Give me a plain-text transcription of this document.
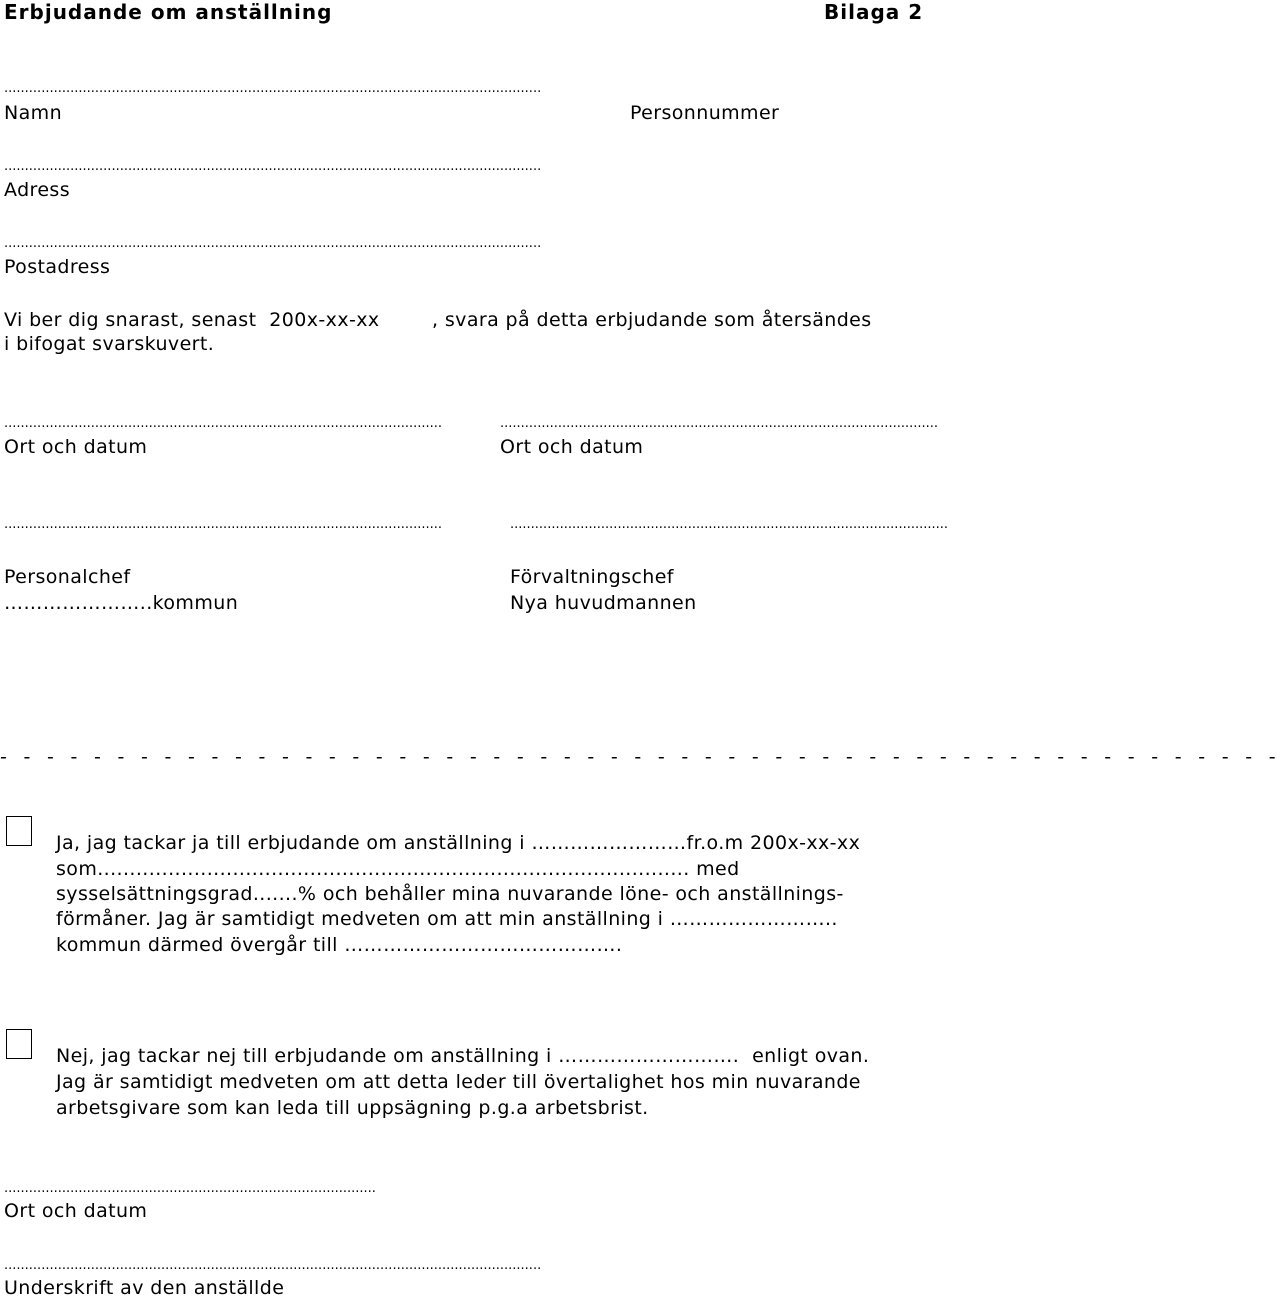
Erbjudande om anställning	Bilaga 2
..................................................................................................................................
Namn	Personnummer
..................................................................................................................................
Adress
..................................................................................................................................
Postadress
Vi ber dig snarast, senast  200x-xx-xx	, svara på detta erbjudande som återsändes
i bifogat svarskuvert.
..........................................................................................................	..........................................................................................................
Ort och datum	Ort och datum
..........................................................................................................	..........................................................................................................
Personalchef	Förvaltningschef
…………………..kommun	Nya huvudmannen
- - - - - - - - - - - - - - - - - - - - - - - - - - - - - - - - - - - - - - - - - - - - - - - - - - - - - - -
Ja, jag tackar ja till erbjudande om anställning i ……………………fr.o.m 200x-xx-xx
som............................................................................................ med
sysselsättningsgrad.......% och behåller mina nuvarande löne- och anställnings-
förmåner. Jag är samtidigt medveten om att min anställning i ……………………..
kommun därmed övergår till …………………………………….
Nej, jag tackar nej till erbjudande om anställning i ……………………….  enligt ovan.
Jag är samtidigt medveten om att detta leder till övertalighet hos min nuvarande
arbetsgivare som kan leda till uppsägning p.g.a arbetsbrist.
..........................................................................................
Ort och datum
..................................................................................................................................
Underskrift av den anställde
